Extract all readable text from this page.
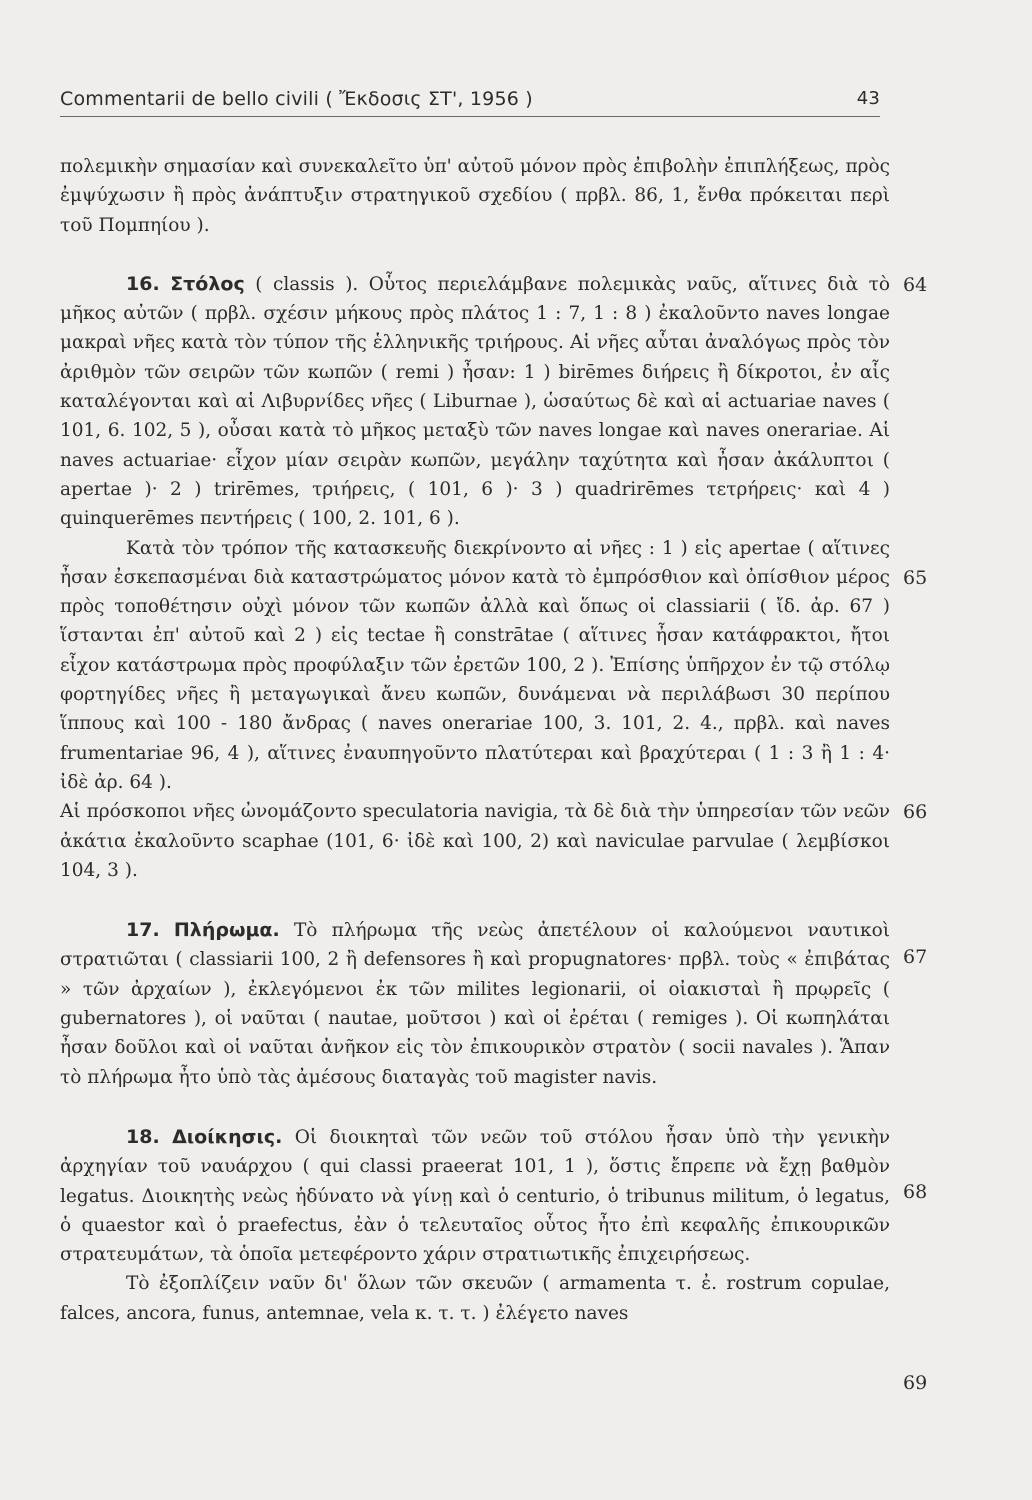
Commentarii de bello civili ( Ἔκδοσις ΣΤ', 1956 )	43

πολεμικὴν σημασίαν καὶ συνεκαλεῖτο ὑπ' αὐτοῦ μόνον πρὸς ἐπιβολὴν ἐπιπλήξεως, πρὸς ἐμψύχωσιν ἢ πρὸς ἀνάπτυξιν στρατηγικοῦ σχεδίου ( πρβλ. 86, 1, ἔνθα πρόκειται περὶ τοῦ Πομπηίου ).

16. Στόλος ( classis ). Οὗτος περιελάμβανε πολεμικὰς ναῦς, αἵτινες διὰ τὸ μῆκος αὐτῶν ( πρβλ. σχέσιν μήκους πρὸς πλάτος 1 : 7, 1 : 8 ) ἐκαλοῦντο naves longae μακραὶ νῆες κατὰ τὸν τύπον τῆς ἑλληνικῆς τριήρους. Αἱ νῆες αὗται ἀναλόγως πρὸς τὸν ἀριθμὸν τῶν σειρῶν τῶν κωπῶν ( remi ) ἦσαν: 1 ) birēmes διήρεις ἢ δίκροτοι, ἐν αἷς καταλέγονται καὶ αἱ Λιβυρνίδες νῆες ( Liburnae ), ὡσαύτως δὲ καὶ αἱ actuariae naves ( 101, 6. 102, 5 ), οὖσαι κατὰ τὸ μῆκος μεταξὺ τῶν naves longae καὶ naves onerariae. Αἱ naves actuariae· εἶχον μίαν σειρὰν κωπῶν, μεγάλην ταχύτητα καὶ ἦσαν ἀκάλυπτοι ( apertae )· 2 ) trirēmes, τριήρεις, ( 101, 6 )· 3 ) quadrirēmes τετρήρεις· καὶ 4 ) quinquerēmes πεντήρεις ( 100, 2. 101, 6 ).

Κατὰ τὸν τρόπον τῆς κατασκευῆς διεκρίνοντο αἱ νῆες : 1 ) εἰς apertae ( αἵτινες ἦσαν ἐσκεπασμέναι διὰ καταστρώματος μόνον κατὰ τὸ ἐμπρόσθιον καὶ ὀπίσθιον μέρος πρὸς τοποθέτησιν οὐχὶ μόνον τῶν κωπῶν ἀλλὰ καὶ ὅπως οἱ classiarii ( ἴδ. ἀρ. 67 ) ἵστανται ἐπ' αὐτοῦ καὶ 2 ) εἰς tectae ἢ constrātae ( αἵτινες ἦσαν κατάφρακτοι, ἤτοι εἶχον κατάστρωμα πρὸς προφύλαξιν τῶν ἐρετῶν 100, 2 ). Ἐπίσης ὑπῆρχον ἐν τῷ στόλῳ φορτηγίδες νῆες ἢ μεταγωγικαὶ ἄνευ κωπῶν, δυνάμεναι νὰ περιλάβωσι 30 περίπου ἵππους καὶ 100 - 180 ἄνδρας ( naves onerariae 100, 3. 101, 2. 4., πρβλ. καὶ naves frumentariae 96, 4 ), αἵτινες ἐναυπηγοῦντο πλατύτεραι καὶ βραχύτεραι ( 1 : 3 ἢ 1 : 4· ἰδὲ ἀρ. 64 ).

Αἱ πρόσκοποι νῆες ὠνομάζοντο speculatoria navigia, τὰ δὲ διὰ τὴν ὑπηρεσίαν τῶν νεῶν ἀκάτια ἐκαλοῦντο scaphae (101, 6· ἰδὲ καὶ 100, 2) καὶ naviculae parvulae ( λεμβίσκοι 104, 3 ).

17. Πλήρωμα. Τὸ πλήρωμα τῆς νεὼς ἀπετέλουν οἱ καλούμενοι ναυτικοὶ στρατιῶται ( classiarii 100, 2 ἢ defensores ἢ καὶ propugnatores· πρβλ. τοὺς « ἐπιβάτας » τῶν ἀρχαίων ), ἐκλεγόμενοι ἐκ τῶν milites legionarii, οἱ οἰακισταὶ ἢ πρῳρεῖς ( gubernatores ), οἱ ναῦται ( nautae, μοῦτσοι ) καὶ οἱ ἐρέται ( remiges ). Οἱ κωπηλάται ἦσαν δοῦλοι καὶ οἱ ναῦται ἀνῆκον εἰς τὸν ἐπικουρικὸν στρατὸν ( socii navales ). Ἅπαν τὸ πλήρωμα ἦτο ὑπὸ τὰς ἀμέσους διαταγὰς τοῦ magister navis.

18. Διοίκησις. Οἱ διοικηταὶ τῶν νεῶν τοῦ στόλου ἦσαν ὑπὸ τὴν γενικὴν ἀρχηγίαν τοῦ ναυάρχου ( qui classi praeerat 101, 1 ), ὅστις ἔπρεπε νὰ ἔχῃ βαθμὸν legatus. Διοικητὴς νεὼς ἠδύνατο νὰ γίνῃ καὶ ὁ centurio, ὁ tribunus militum, ὁ legatus, ὁ quaestor καὶ ὁ praefectus, ἐὰν ὁ τελευταῖος οὗτος ἦτο ἐπὶ κεφαλῆς ἐπικουρικῶν στρατευμάτων, τὰ ὁποῖα μετεφέροντο χάριν στρατιωτικῆς ἐπιχειρήσεως.

Τὸ ἐξοπλίζειν ναῦν δι' ὅλων τῶν σκευῶν ( armamenta τ. ἐ. rostrum copulae, falces, ancora, funus, antemnae, vela κ. τ. τ. ) ἐλέγετο naves

64
65
66
67
68
69
